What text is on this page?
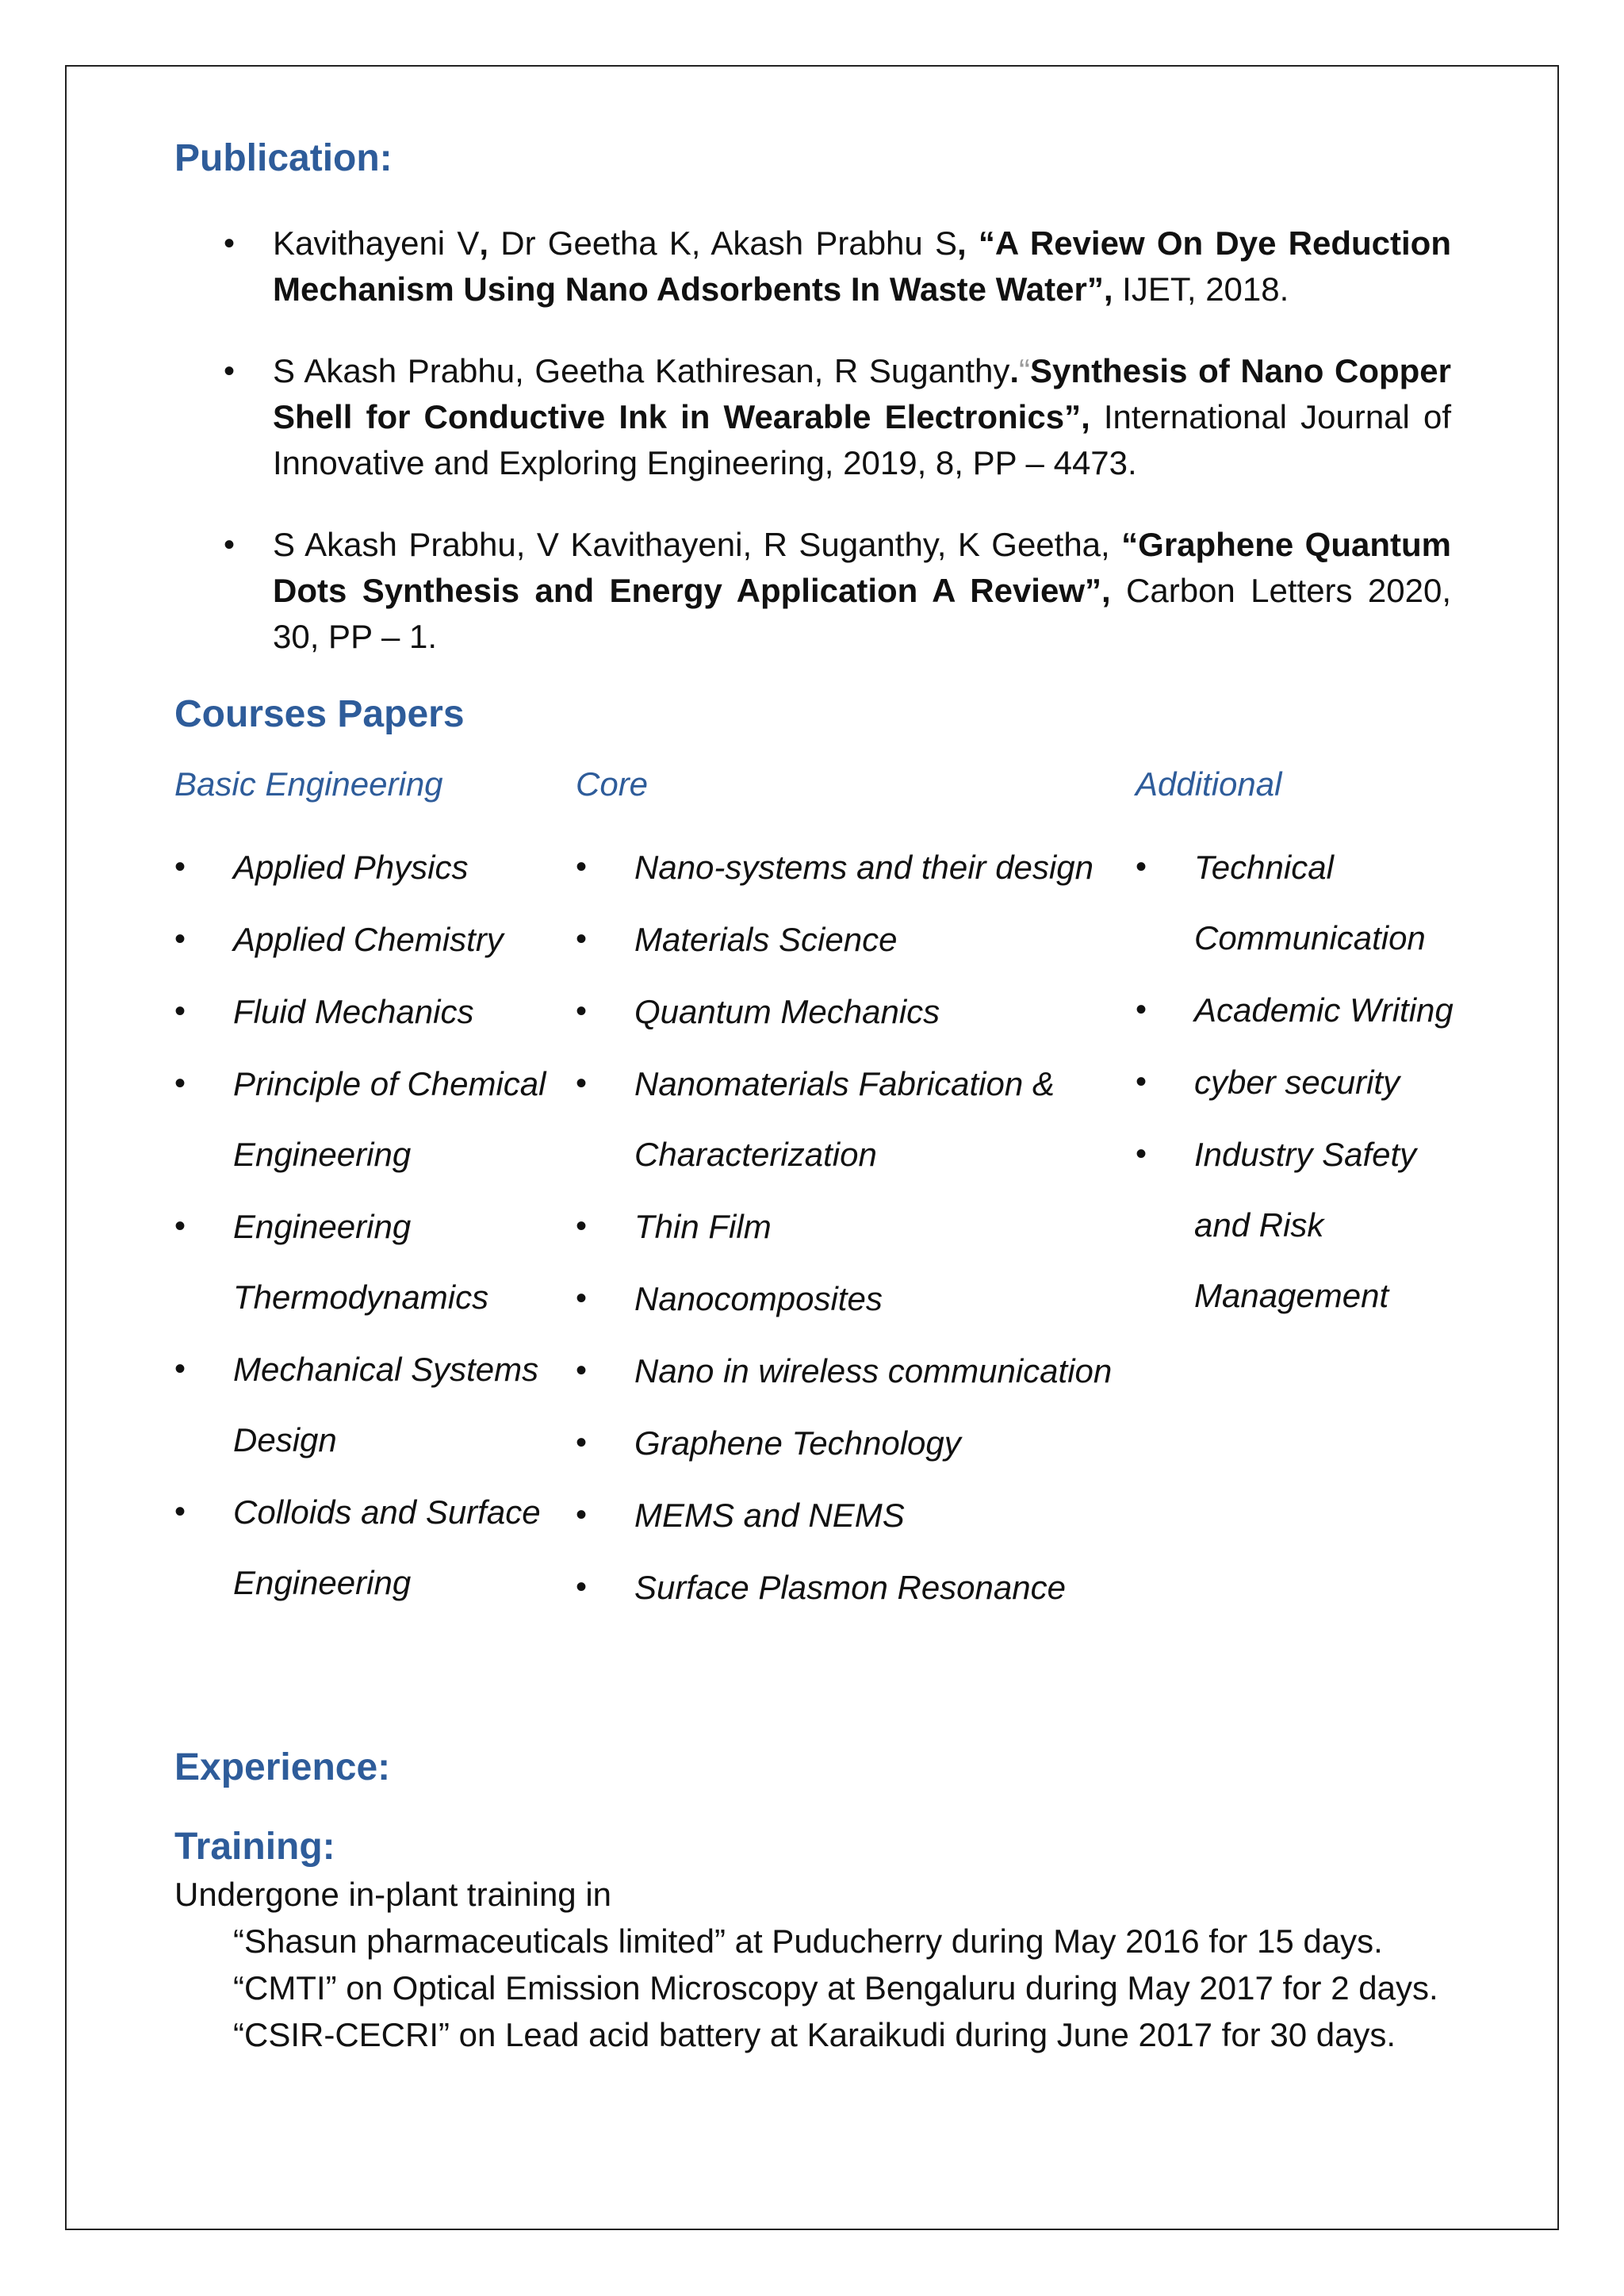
Publication:
• Kavithayeni V, Dr Geetha K, Akash Prabhu S, “A Review On Dye Reduction Mechanism Using Nano Adsorbents In Waste Water”, IJET, 2018.
• S Akash Prabhu, Geetha Kathiresan, R Suganthy.“Synthesis of Nano Copper Shell for Conductive Ink in Wearable Electronics”, International Journal of Innovative and Exploring Engineering, 2019, 8, PP – 4473.
• S Akash Prabhu, V Kavithayeni, R Suganthy, K Geetha, “Graphene Quantum Dots Synthesis and Energy Application A Review”, Carbon Letters 2020, 30, PP – 1.
Courses Papers
Basic Engineering
• Applied Physics
• Applied Chemistry
• Fluid Mechanics
• Principle of Chemical Engineering
• Engineering Thermodynamics
• Mechanical Systems Design
• Colloids and Surface Engineering
Core
• Nano-systems and their design
• Materials Science
• Quantum Mechanics
• Nanomaterials Fabrication & Characterization
• Thin Film
• Nanocomposites
• Nano in wireless communication
• Graphene Technology
• MEMS and NEMS
• Surface Plasmon Resonance
Additional
• Technical Communication
• Academic Writing
• cyber security
• Industry Safety and Risk Management
Experience:
Training:

Undergone in-plant training in

“Shasun pharmaceuticals limited” at Puducherry during May 2016 for 15 days.

“CMTI” on Optical Emission Microscopy at Bengaluru during May 2017 for 2 days.

“CSIR-CECRI” on Lead acid battery at Karaikudi during June 2017 for 30 days.
